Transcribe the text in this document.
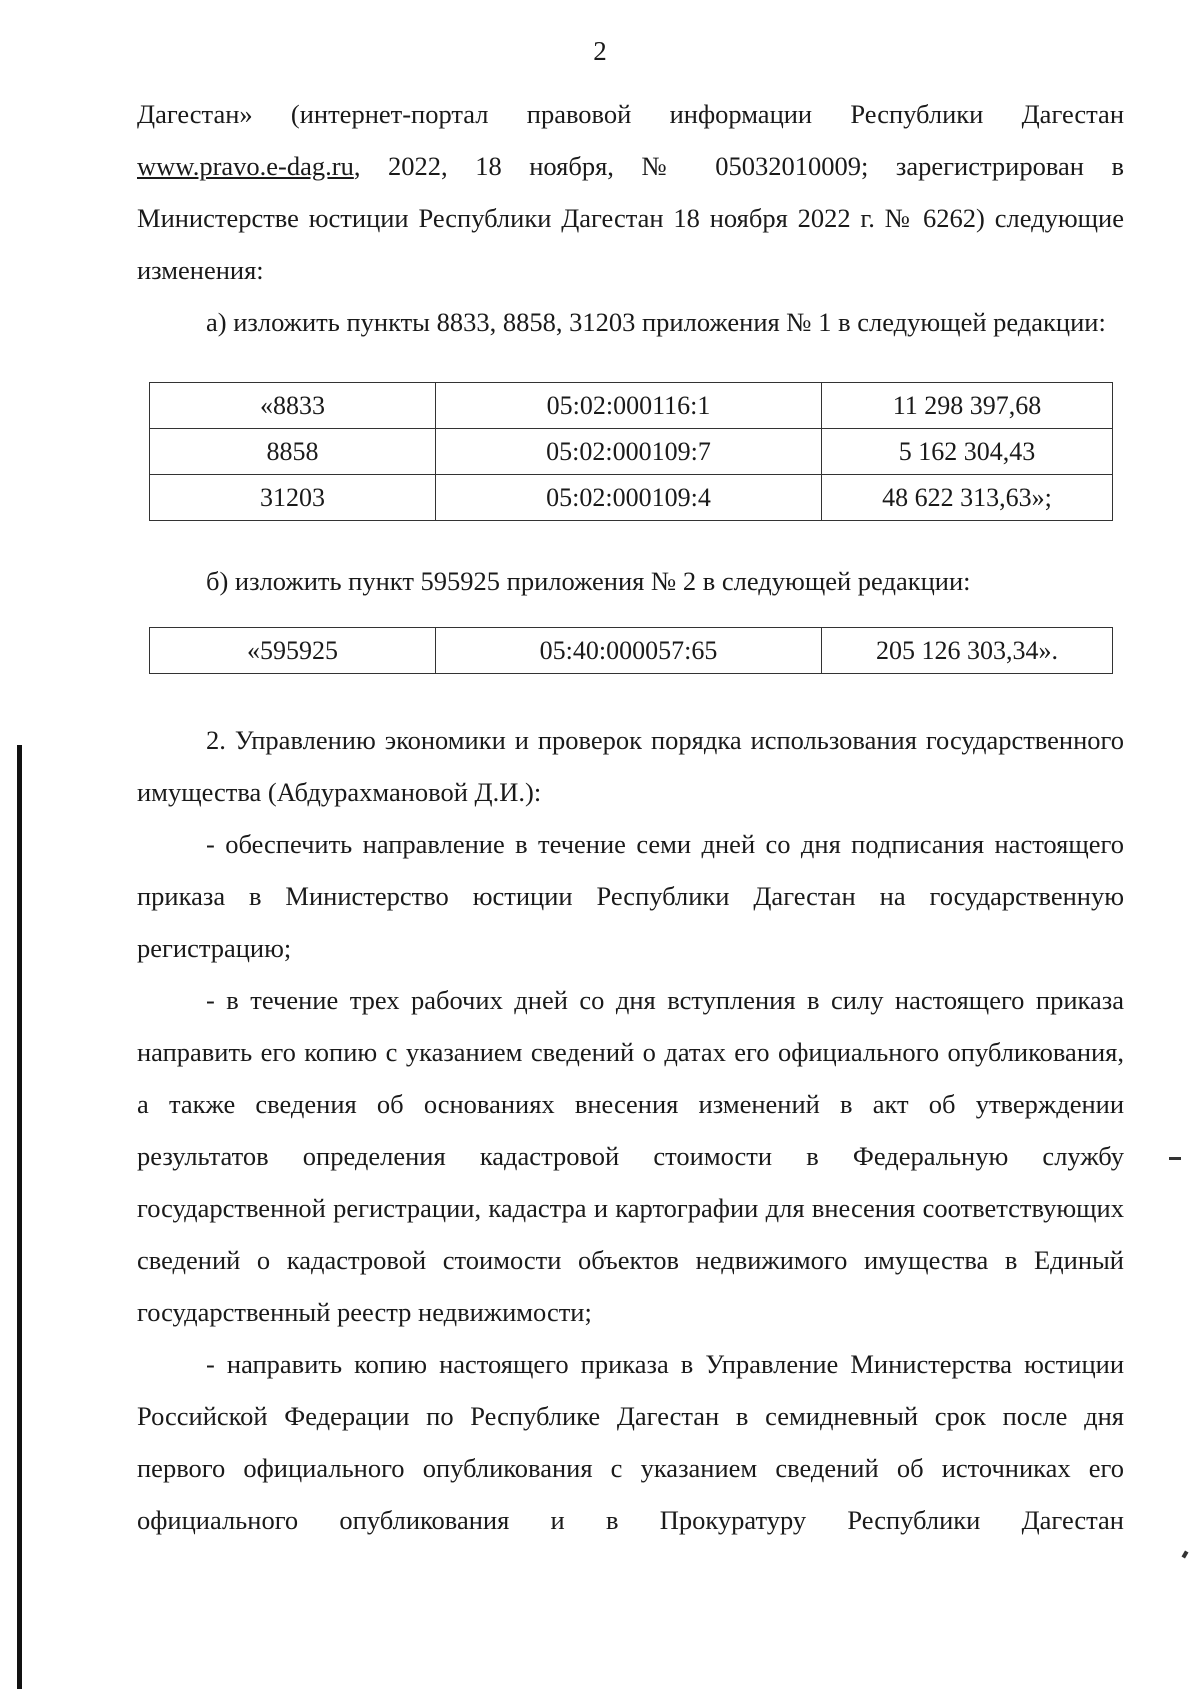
2

Дагестан» (интернет-портал правовой информации Республики Дагестан

www.pravo.e-dag.ru, 2022, 18 ноября, № 05032010009; зарегистрирован в Министерстве юстиции Республики Дагестан 18 ноября 2022 г. № 6262) следующие изменения:

а) изложить пункты 8833, 8858, 31203 приложения № 1 в следующей редакции:

«8833	05:02:000116:1	11 298 397,68
8858	05:02:000109:7	5 162 304,43
31203	05:02:000109:4	48 622 313,63»;

б) изложить пункт 595925 приложения № 2 в следующей редакции:

«595925	05:40:000057:65	205 126 303,34».

2. Управлению экономики и проверок порядка использования государственного имущества (Абдурахмановой Д.И.):

- обеспечить направление в течение семи дней со дня подписания настоящего приказа в Министерство юстиции Республики Дагестан на государственную регистрацию;

- в течение трех рабочих дней со дня вступления в силу настоящего приказа направить его копию с указанием сведений о датах его официального опубликования, а также сведения об основаниях внесения изменений в акт об утверждении результатов определения кадастровой стоимости в Федеральную службу государственной регистрации, кадастра и картографии для внесения соответствующих сведений о кадастровой стоимости объектов недвижимого имущества в Единый государственный реестр недвижимости;

- направить копию настоящего приказа в Управление Министерства юстиции Российской Федерации по Республике Дагестан в семидневный срок после дня первого официального опубликования с указанием сведений об источниках его официального опубликования и в Прокуратуру Республики Дагестан
